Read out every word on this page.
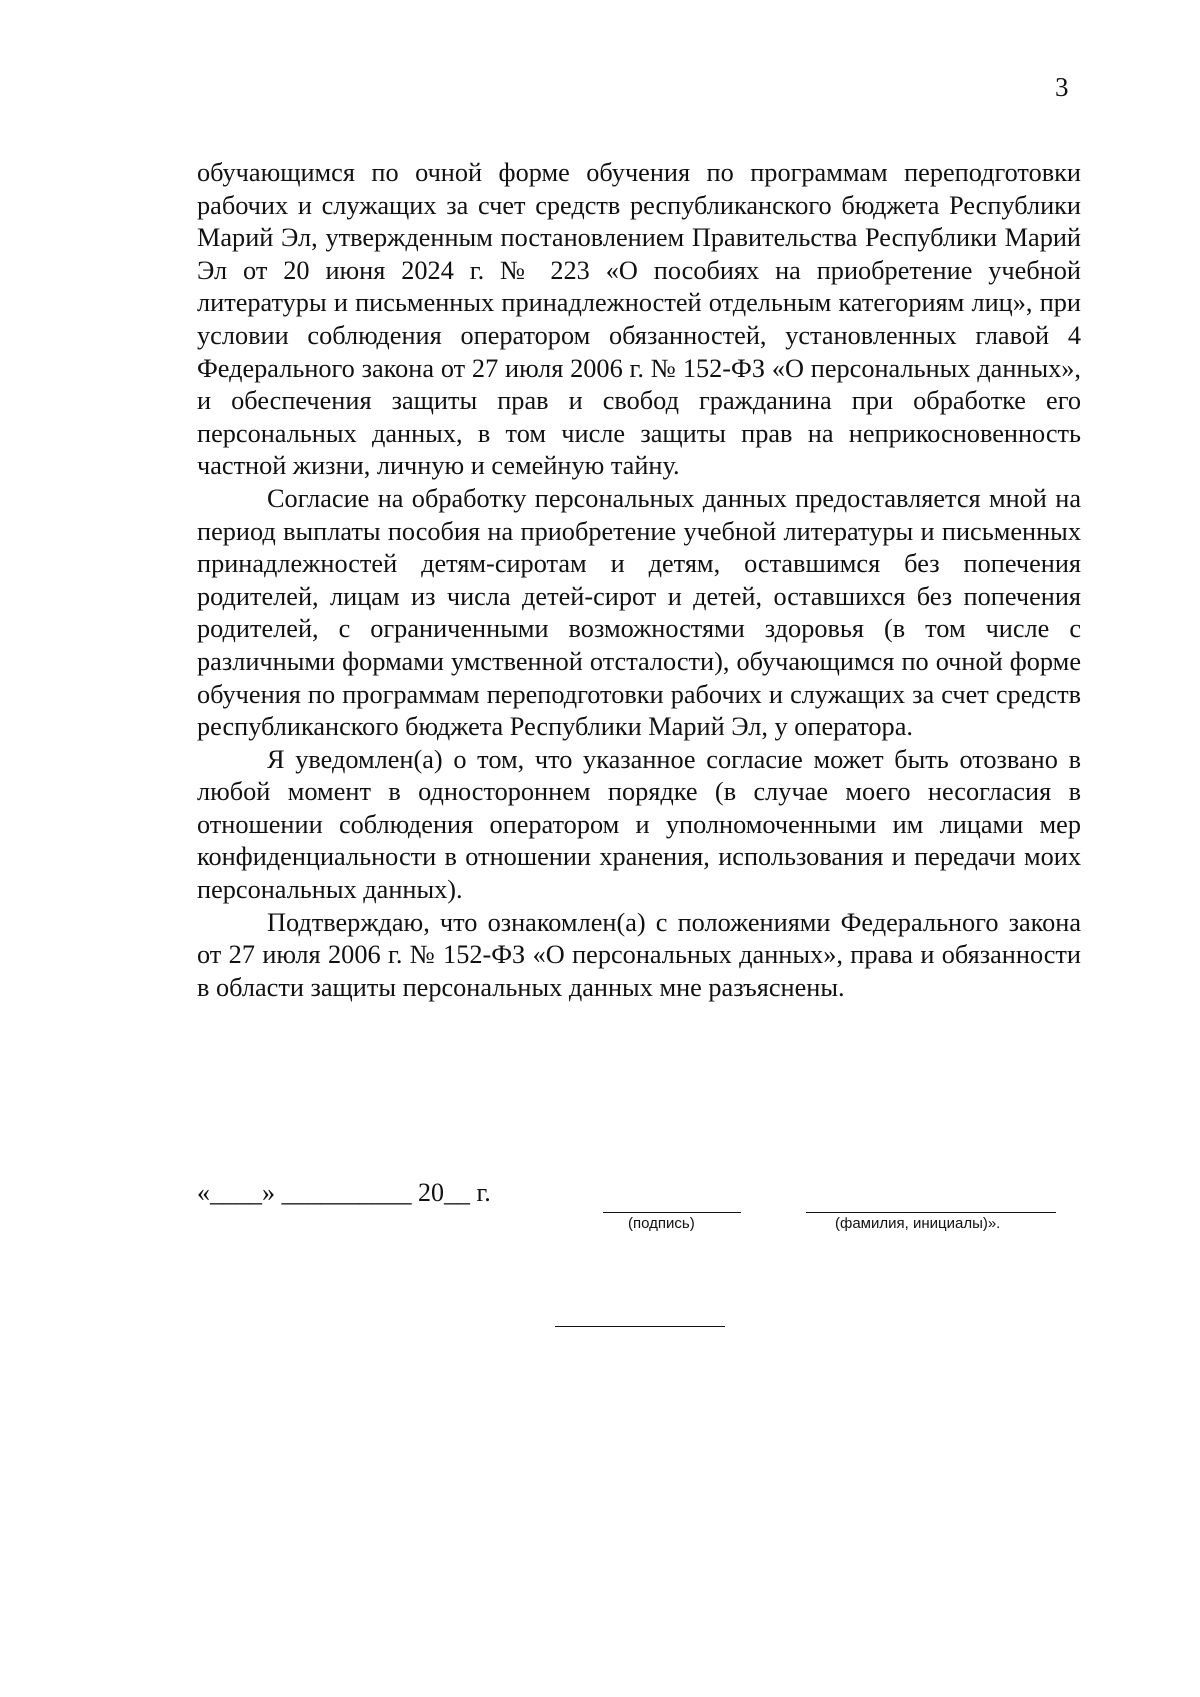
3

обучающимся по очной форме обучения по программам переподготовки рабочих и служащих за счет средств республиканского бюджета Республики Марий Эл, утвержденным постановлением Правительства Республики Марий Эл от 20 июня 2024 г. № 223 «О пособиях на приобретение учебной литературы и письменных принадлежностей отдельным категориям лиц», при условии соблюдения оператором обязанностей, установленных главой 4 Федерального закона от 27 июля 2006 г. № 152-ФЗ «О персональных данных», и обеспечения защиты прав и свобод гражданина при обработке его персональных данных, в том числе защиты прав на неприкосновенность частной жизни, личную и семейную тайну.

Согласие на обработку персональных данных предоставляется мной на период выплаты пособия на приобретение учебной литературы и письменных принадлежностей детям-сиротам и детям, оставшимся без попечения родителей, лицам из числа детей-сирот и детей, оставшихся без попечения родителей, с ограниченными возможностями здоровья (в том числе с различными формами умственной отсталости), обучающимся по очной форме обучения по программам переподготовки рабочих и служащих за счет средств республиканского бюджета Республики Марий Эл, у оператора.

Я уведомлен(а) о том, что указанное согласие может быть отозвано в любой момент в одностороннем порядке (в случае моего несогласия в отношении соблюдения оператором и уполномоченными им лицами мер конфиденциальности в отношении хранения, использования и передачи моих персональных данных).

Подтверждаю, что ознакомлен(а) с положениями Федерального закона от 27 июля 2006 г. № 152-ФЗ «О персональных данных», права и обязанности в области защиты персональных данных мне разъяснены.

«____» __________ 20__ г.
(подпись)	(фамилия, инициалы)».
